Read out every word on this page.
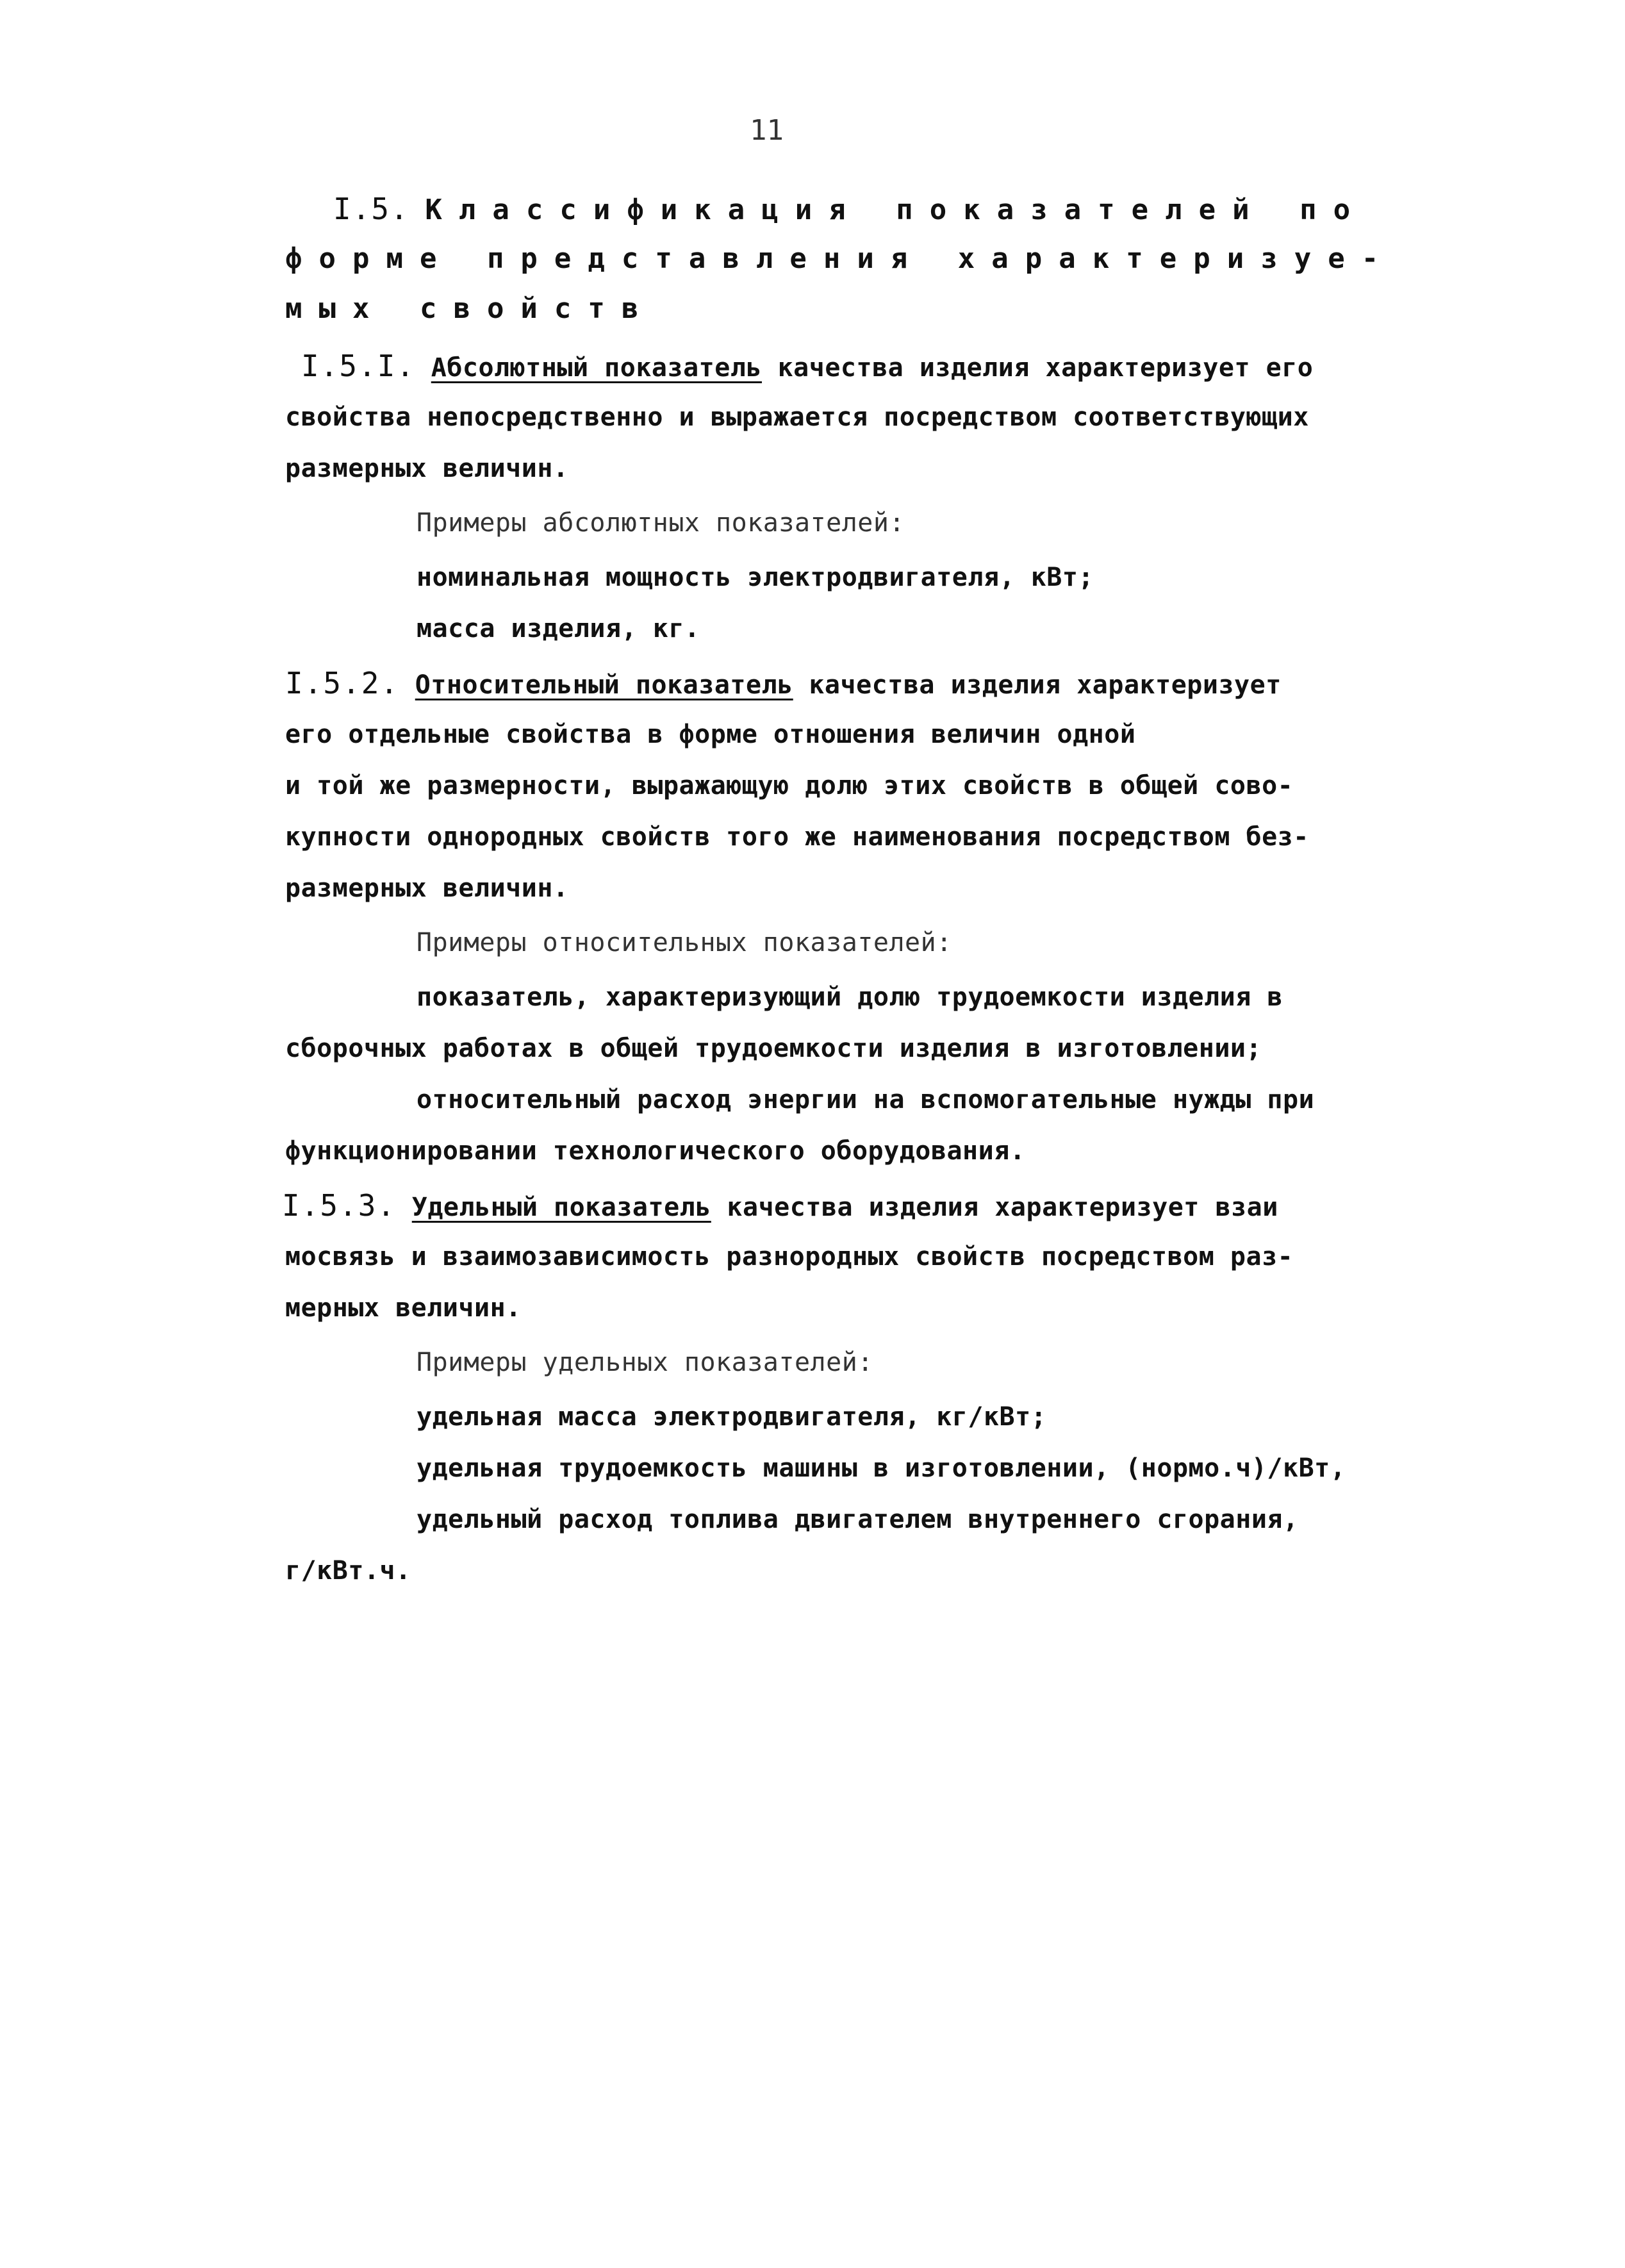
11
I.5. Классификация показателей по
форме представления характеризуе-
мых свойств
I.5.I. Абсолютный показатель качества изделия характеризует его
свойства непосредственно и выражается посредством соответствующих
размерных величин.
Примеры абсолютных показателей:
номинальная мощность электродвигателя, кВт;
масса изделия, кг.
I.5.2. Относительный показатель качества изделия характеризует
его отдельные свойства в форме отношения величин одной
и той же размерности, выражающую долю этих свойств в общей сово-
купности однородных свойств того же наименования посредством без-
размерных величин.
Примеры относительных показателей:
показатель, характеризующий долю трудоемкости изделия в
сборочных работах в общей трудоемкости изделия в изготовлении;
относительный расход энергии на вспомогательные нужды при
функционировании технологического оборудования.
I.5.3. Удельный показатель качества изделия характеризует взаи
мосвязь и взаимозависимость разнородных свойств посредством раз-
мерных величин.
Примеры удельных показателей:
удельная масса электродвигателя, кг/кВт;
удельная трудоемкость машины в изготовлении, (нормо.ч)/кВт,
удельный расход топлива двигателем внутреннего сгорания,
г/кВт.ч.
